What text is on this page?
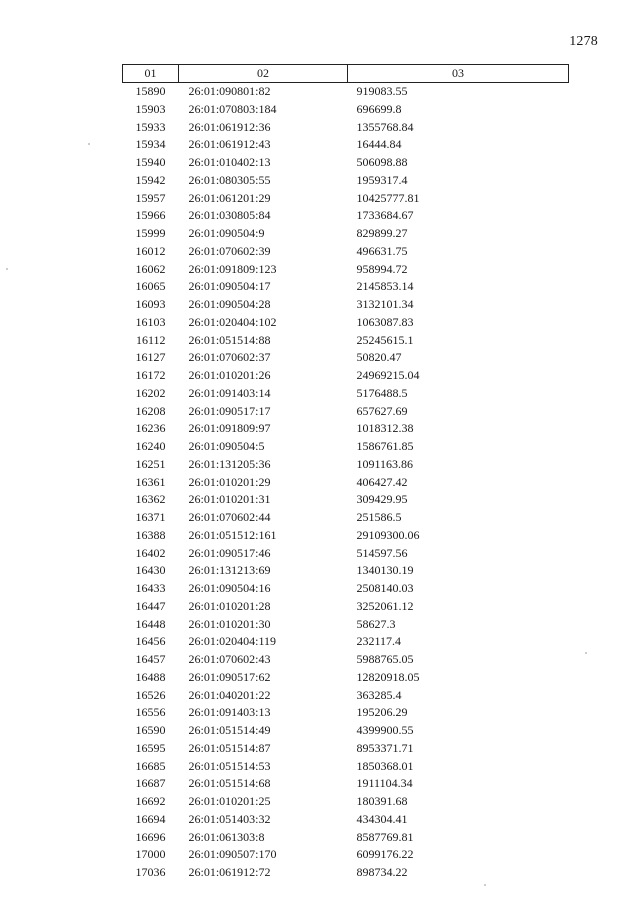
1278
01	02	03
15890	26:01:090801:82	919083.55
15903	26:01:070803:184	696699.8
15933	26:01:061912:36	1355768.84
15934	26:01:061912:43	16444.84
15940	26:01:010402:13	506098.88
15942	26:01:080305:55	1959317.4
15957	26:01:061201:29	10425777.81
15966	26:01:030805:84	1733684.67
15999	26:01:090504:9	829899.27
16012	26:01:070602:39	496631.75
16062	26:01:091809:123	958994.72
16065	26:01:090504:17	2145853.14
16093	26:01:090504:28	3132101.34
16103	26:01:020404:102	1063087.83
16112	26:01:051514:88	25245615.1
16127	26:01:070602:37	50820.47
16172	26:01:010201:26	24969215.04
16202	26:01:091403:14	5176488.5
16208	26:01:090517:17	657627.69
16236	26:01:091809:97	1018312.38
16240	26:01:090504:5	1586761.85
16251	26:01:131205:36	1091163.86
16361	26:01:010201:29	406427.42
16362	26:01:010201:31	309429.95
16371	26:01:070602:44	251586.5
16388	26:01:051512:161	29109300.06
16402	26:01:090517:46	514597.56
16430	26:01:131213:69	1340130.19
16433	26:01:090504:16	2508140.03
16447	26:01:010201:28	3252061.12
16448	26:01:010201:30	58627.3
16456	26:01:020404:119	232117.4
16457	26:01:070602:43	5988765.05
16488	26:01:090517:62	12820918.05
16526	26:01:040201:22	363285.4
16556	26:01:091403:13	195206.29
16590	26:01:051514:49	4399900.55
16595	26:01:051514:87	8953371.71
16685	26:01:051514:53	1850368.01
16687	26:01:051514:68	1911104.34
16692	26:01:010201:25	180391.68
16694	26:01:051403:32	434304.41
16696	26:01:061303:8	8587769.81
17000	26:01:090507:170	6099176.22
17036	26:01:061912:72	898734.22
